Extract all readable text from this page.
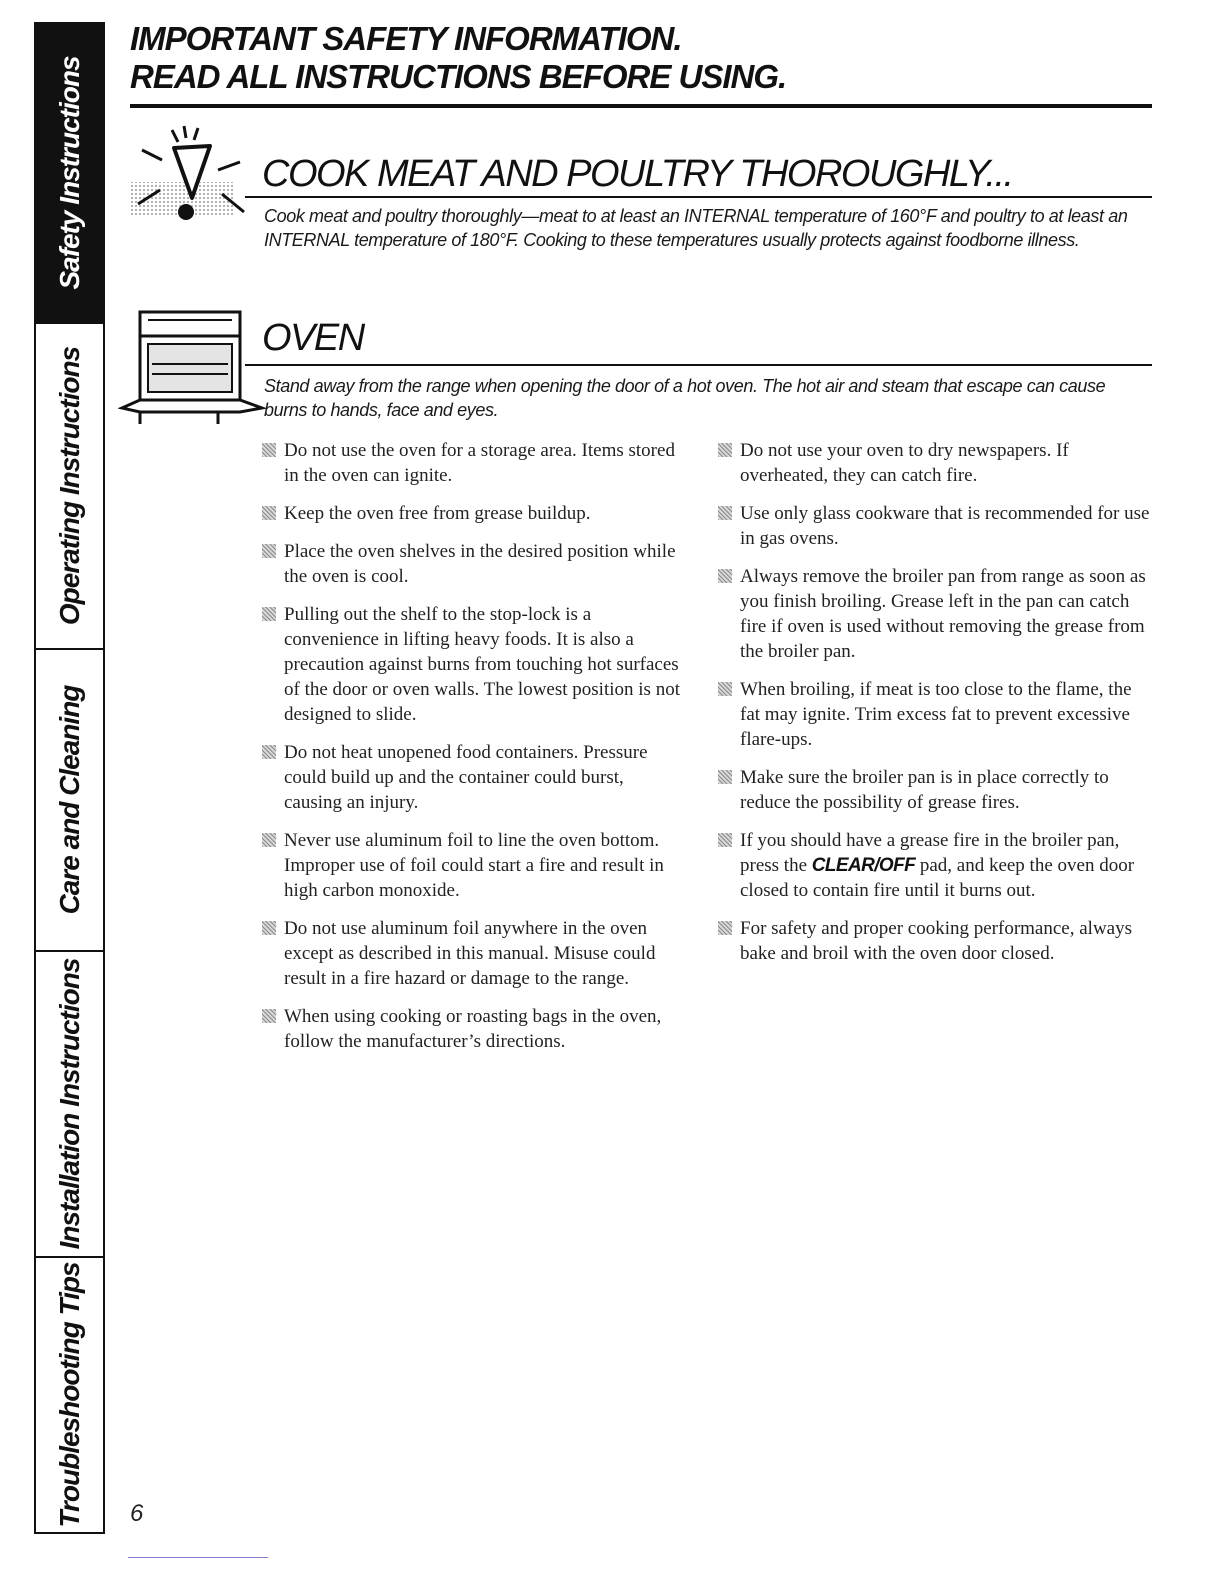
Safety Instructions
Operating Instructions
Care and Cleaning
Installation Instructions
Troubleshooting Tips
IMPORTANT SAFETY INFORMATION.
READ ALL INSTRUCTIONS BEFORE USING.
COOK MEAT AND POULTRY THOROUGHLY...

Cook meat and poultry thoroughly—meat to at least an INTERNAL temperature of 160°F and poultry to at least an INTERNAL temperature of 180°F. Cooking to these temperatures usually protects against foodborne illness.

OVEN

Stand away from the range when opening the door of a hot oven. The hot air and steam that escape can cause burns to hands, face and eyes.

Do not use the oven for a storage area. Items stored in the oven can ignite.
Keep the oven free from grease buildup.
Place the oven shelves in the desired position while the oven is cool.
Pulling out the shelf to the stop-lock is a convenience in lifting heavy foods. It is also a precaution against burns from touching hot surfaces of the door or oven walls. The lowest position is not designed to slide.
Do not heat unopened food containers. Pressure could build up and the container could burst, causing an injury.
Never use aluminum foil to line the oven bottom. Improper use of foil could start a fire and result in high carbon monoxide.
Do not use aluminum foil anywhere in the oven except as described in this manual. Misuse could result in a fire hazard or damage to the range.
When using cooking or roasting bags in the oven, follow the manufacturer’s directions.
Do not use your oven to dry newspapers. If overheated, they can catch fire.
Use only glass cookware that is recommended for use in gas ovens.
Always remove the broiler pan from range as soon as you finish broiling. Grease left in the pan can catch fire if oven is used without removing the grease from the broiler pan.
When broiling, if meat is too close to the flame, the fat may ignite. Trim excess fat to prevent excessive flare-ups.
Make sure the broiler pan is in place correctly to reduce the possibility of grease fires.
If you should have a grease fire in the broiler pan, press the CLEAR/OFF pad, and keep the oven door closed to contain fire until it burns out.
For safety and proper cooking performance, always bake and broil with the oven door closed.
6
